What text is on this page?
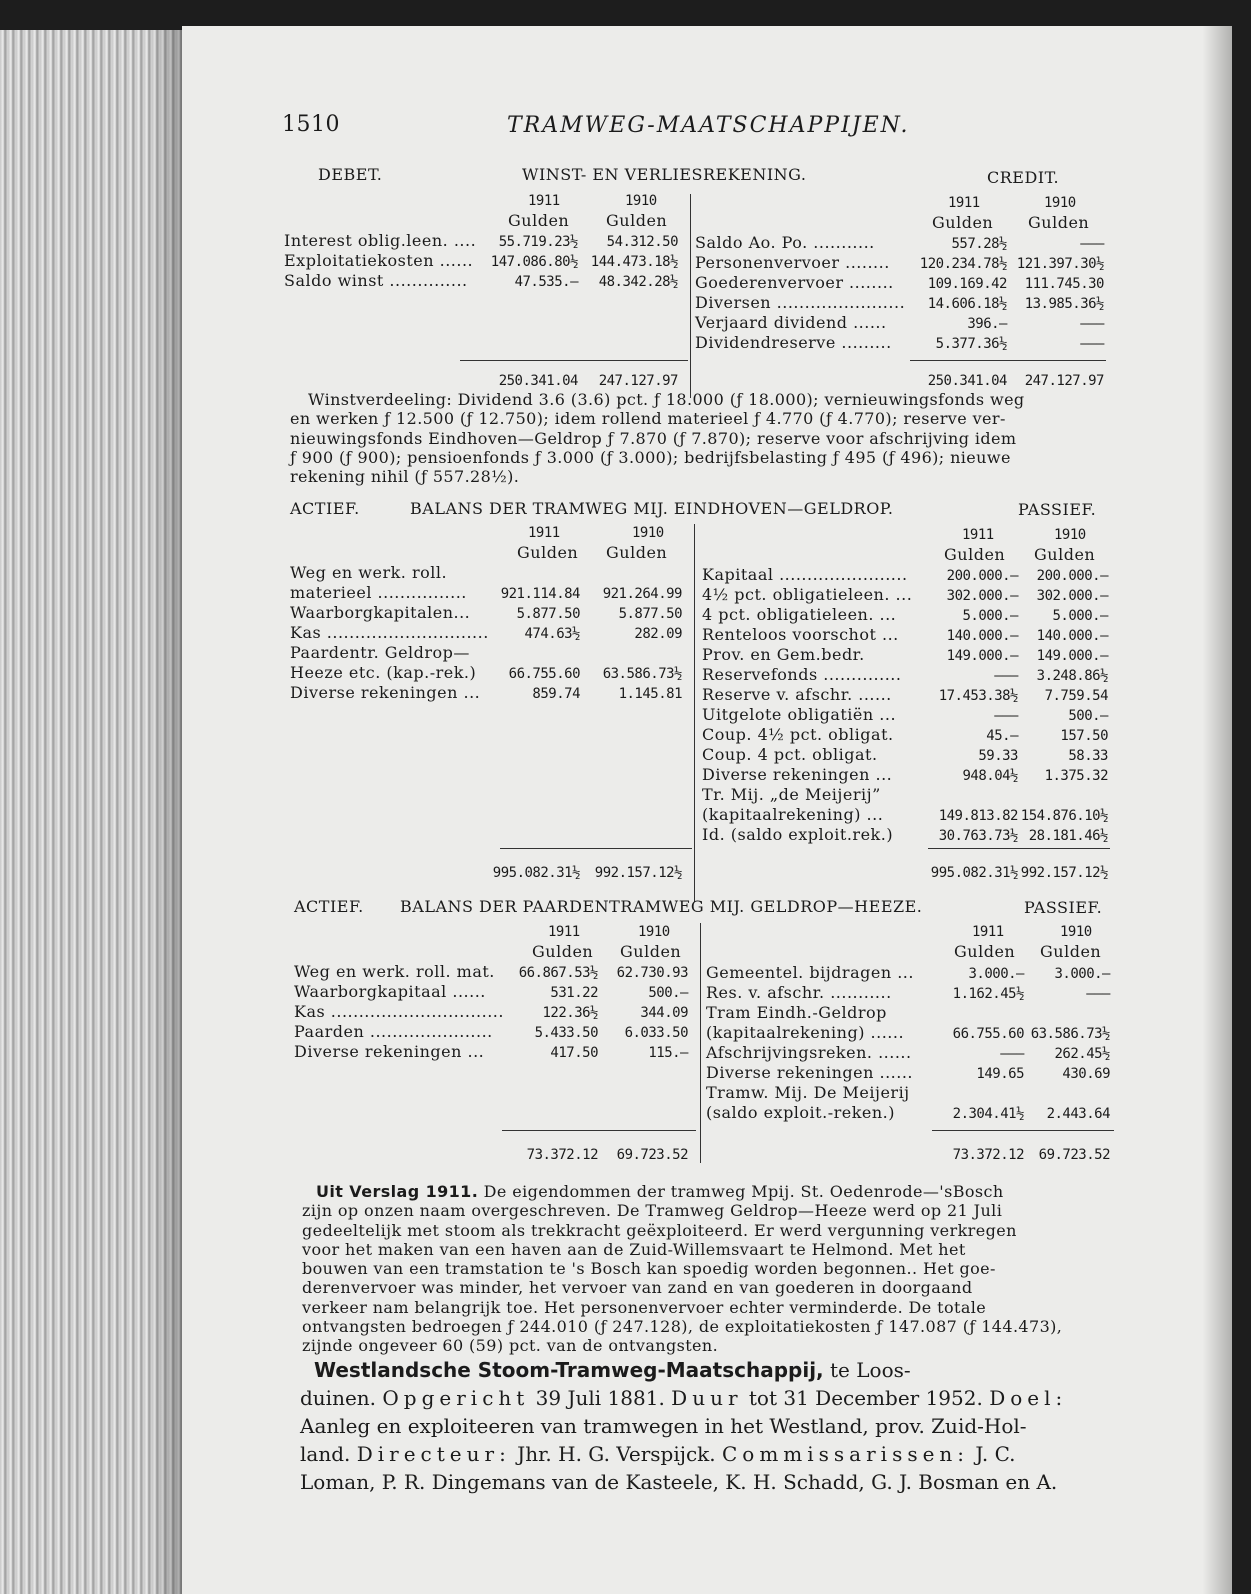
1510	TRAMWEG-MAATSCHAPPIJEN.
DEBET.	WINST- EN VERLIESREKENING.	CREDIT.
1911	1910
Gulden Gulden
1911	1910
Gulden Gulden
Interest oblig.leen. ....	55.719.23½	54.312.50
Exploitatiekosten ......	147.086.80½ 144.473.18½
Saldo winst ..............	47.535.—	48.342.28½
Saldo Ao. Po. ...........	557.28½	———
Personenvervoer ........	120.234.78½ 121.397.30½
Goederenvervoer ........	109.169.42	111.745.30
Diversen .......................	14.606.18½	13.985.36½
Verjaard dividend ......	396.—	———
Dividendreserve .........	5.377.36½	———
250.341.04	247.127.97	250.341.04	247.127.97
Winstverdeeling: Dividend 3.6 (3.6) pct. ƒ 18.000 (ƒ 18.000); vernieuwingsfonds weg
en werken ƒ 12.500 (ƒ 12.750); idem rollend materieel ƒ 4.770 (ƒ 4.770); reserve ver-
nieuwingsfonds Eindhoven—Geldrop ƒ 7.870 (ƒ 7.870); reserve voor afschrijving idem
ƒ 900 (ƒ 900); pensioenfonds ƒ 3.000 (ƒ 3.000); bedrijfsbelasting ƒ 495 (ƒ 496); nieuwe
rekening nihil (ƒ 557.28½).
ACTIEF.	BALANS DER TRAMWEG MIJ. EINDHOVEN—GELDROP.	PASSIEF.
1911	1910
Gulden Gulden
1911	1910
Gulden Gulden
Weg en werk. roll.
materieel ................	921.114.84	921.264.99
Waarborgkapitalen...	5.877.50	5.877.50
Kas .............................	474.63½	282.09
Paardentr. Geldrop—
Heeze etc. (kap.-rek.)	66.755.60	63.586.73½
Diverse rekeningen ...	859.74	1.145.81
Kapitaal .......................	200.000.—	200.000.—
4½ pct. obligatieleen. ...	302.000.—	302.000.—
4 pct. obligatieleen. ...	5.000.—	5.000.—
Renteloos voorschot ...	140.000.—	140.000.—
Prov. en Gem.bedr.	149.000.—	149.000.—
Reservefonds ..............	———	3.248.86½
Reserve v. afschr. ......	17.453.38½	7.759.54
Uitgelote obligatiën ...	———	500.—
Coup. 4½ pct. obligat.	45.—	157.50
Coup. 4 pct. obligat.	59.33	58.33
Diverse rekeningen ...	948.04½	1.375.32
Tr. Mij. „de Meijerij”
(kapitaalrekening) ...	149.813.82 154.876.10½
Id. (saldo exploit.rek.)	30.763.73½ 28.181.46½
995.082.31½	992.157.12½	995.082.31½ 992.157.12½
ACTIEF. BALANS DER PAARDENTRAMWEG MIJ. GELDROP—HEEZE.	PASSIEF.
1911	1910
Gulden Gulden
1911	1910
Gulden Gulden
Weg en werk. roll. mat.	66.867.53½	62.730.93
Waarborgkapitaal ......	531.22	500.—
Kas ...............................	122.36½	344.09
Paarden ......................	5.433.50	6.033.50
Diverse rekeningen ...	417.50	115.—
Gemeentel. bijdragen ...	3.000.—	3.000.—
Res. v. afschr. ...........	1.162.45½	———
Tram Eindh.-Geldrop
(kapitaalrekening) ......	66.755.60 63.586.73½
Afschrijvingsreken. ......	———	262.45½
Diverse rekeningen ......	149.65	430.69
Tramw. Mij. De Meijerij
(saldo exploit.-reken.)	2.304.41½	2.443.64
73.372.12	69.723.52	73.372.12	69.723.52
Uit Verslag 1911. De eigendommen der tramweg Mpij. St. Oedenrode—'sBosch
zijn op onzen naam overgeschreven. De Tramweg Geldrop—Heeze werd op 21 Juli
gedeeltelijk met stoom als trekkracht geëxploiteerd. Er werd vergunning verkregen
voor het maken van een haven aan de Zuid-Willemsvaart te Helmond. Met het
bouwen van een tramstation te 's Bosch kan spoedig worden begonnen.. Het goe-
derenvervoer was minder, het vervoer van zand en van goederen in doorgaand
verkeer nam belangrijk toe. Het personenvervoer echter verminderde. De totale
ontvangsten bedroegen ƒ 244.010 (ƒ 247.128), de exploitatiekosten ƒ 147.087 (ƒ 144.473),
zijnde ongeveer 60 (59) pct. van de ontvangsten.
Westlandsche Stoom-Tramweg-Maatschappij, te Loos-
duinen. Opgericht 39 Juli 1881. Duur tot 31 December 1952. Doel:
Aanleg en exploiteeren van tramwegen in het Westland, prov. Zuid-Hol-
land. Directeur: Jhr. H. G. Verspijck. Commissarissen: J. C.
Loman, P. R. Dingemans van de Kasteele, K. H. Schadd, G. J. Bosman en A.
